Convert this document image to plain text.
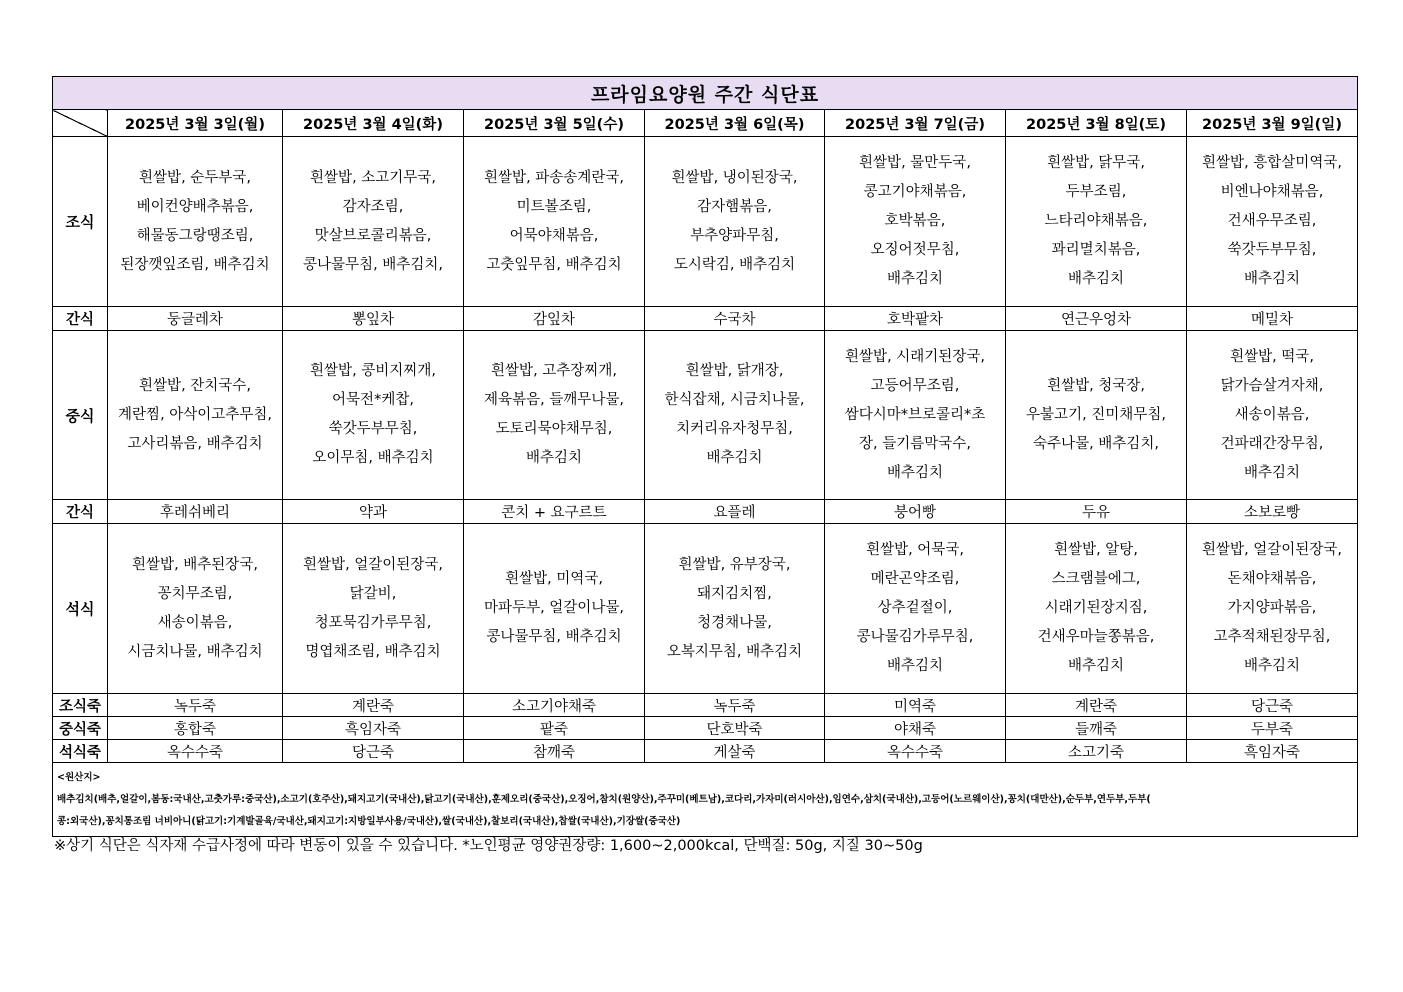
프라임요양원 주간 식단표							
	2025년 3월 3일(월)	2025년 3월 4일(화)	2025년 3월 5일(수)	2025년 3월 6일(목)	2025년 3월 7일(금)	2025년 3월 8일(토)	2025년 3월 9일(일)
조식	흰쌀밥, 순두부국,
베이컨양배추볶음,
해물동그랑땡조림,
된장깻잎조림, 배추김치	흰쌀밥, 소고기무국,
감자조림,
맛살브로콜리볶음,
콩나물무침, 배추김치,	흰쌀밥, 파송송계란국,
미트볼조림,
어묵야채볶음,
고춧잎무침, 배추김치	흰쌀밥, 냉이된장국,
감자햄볶음,
부추양파무침,
도시락김, 배추김치	흰쌀밥, 물만두국,
콩고기야채볶음,
호박볶음,
오징어젓무침,
배추김치	흰쌀밥, 닭무국,
두부조림,
느타리야채볶음,
꽈리멸치볶음,
배추김치	흰쌀밥, 흥합살미역국,
비엔나야채볶음,
건새우무조림,
쑥갓두부무침,
배추김치

간식	둥글레차	뽕잎차	감잎차	수국차	호박팥차	연근우엉차	메밀차
중식	흰쌀밥, 잔치국수,
계란찜, 아삭이고추무침,
고사리볶음, 배추김치	흰쌀밥, 콩비지찌개,
어묵전*케찹,
쑥갓두부무침,
오이무침, 배추김치	흰쌀밥, 고추장찌개,
제육볶음, 들깨무나물,
도토리묵야채무침,
배추김치	흰쌀밥, 닭개장,
한식잡채, 시금치나물,
치커리유자청무침,
배추김치	흰쌀밥, 시래기된장국,
고등어무조림,
쌈다시마*브로콜리*초
장, 들기름막국수,
배추김치	흰쌀밥, 청국장,
우불고기, 진미채무침,
숙주나물, 배추김치,	흰쌀밥, 떡국,
닭가슴살겨자채,
새송이볶음,
건파래간장무침,
배추김치

간식	후레쉬베리	약과	콘치 + 요구르트	요플레	붕어빵	두유	소보로빵
석식	흰쌀밥, 배추된장국,
꽁치무조림,
새송이볶음,
시금치나물, 배추김치	흰쌀밥, 얼갈이된장국,
닭갈비,
청포묵김가루무침,
명엽채조림, 배추김치	흰쌀밥, 미역국,
마파두부, 얼갈이나물,
콩나물무침, 배추김치	흰쌀밥, 유부장국,
돼지김치찜,
청경채나물,
오복지무침, 배추김치	흰쌀밥, 어묵국,
메란곤약조림,
상추겉절이,
콩나물김가루무침,
배추김치	흰쌀밥, 알탕,
스크램블에그,
시래기된장지짐,
건새우마늘쫑볶음,
배추김치	흰쌀밥, 얼갈이된장국,
돈채야채볶음,
가지양파볶음,
고추적채된장무침,
배추김치

조식죽	녹두죽	계란죽	소고기야채죽	녹두죽	미역죽	계란죽	당근죽
중식죽	홍합죽	흑임자죽	팥죽	단호박죽	야채죽	들깨죽	두부죽
석식죽	옥수수죽	당근죽	참깨죽	게살죽	옥수수죽	소고기죽	흑임자죽

<원산지>
배추김치(배추,얼갈이,봄동:국내산,고춧가루:중국산),소고기(호주산),돼지고기(국내산),닭고기(국내산),훈제오리(중국산),오징어,참치(원양산),주꾸미(베트남),코다리,가자미(러시아산),임연수,삼치(국내산),고등어(노르웨이산),꽁치(대만산),순두부,연두부,두부(
콩:외국산),꽁치통조림 너비아니(닭고기:기계발골육/국내산,돼지고기:지방일부사용/국내산),쌀(국내산),찰보리(국내산),찹쌀(국내산),기장쌀(중국산)							
※상기 식단은 식자재 수급사정에 따라 변동이 있을 수 있습니다. *노인평균 영양권장량: 1,600~2,000kcal, 단백질: 50g, 지질 30~50g
